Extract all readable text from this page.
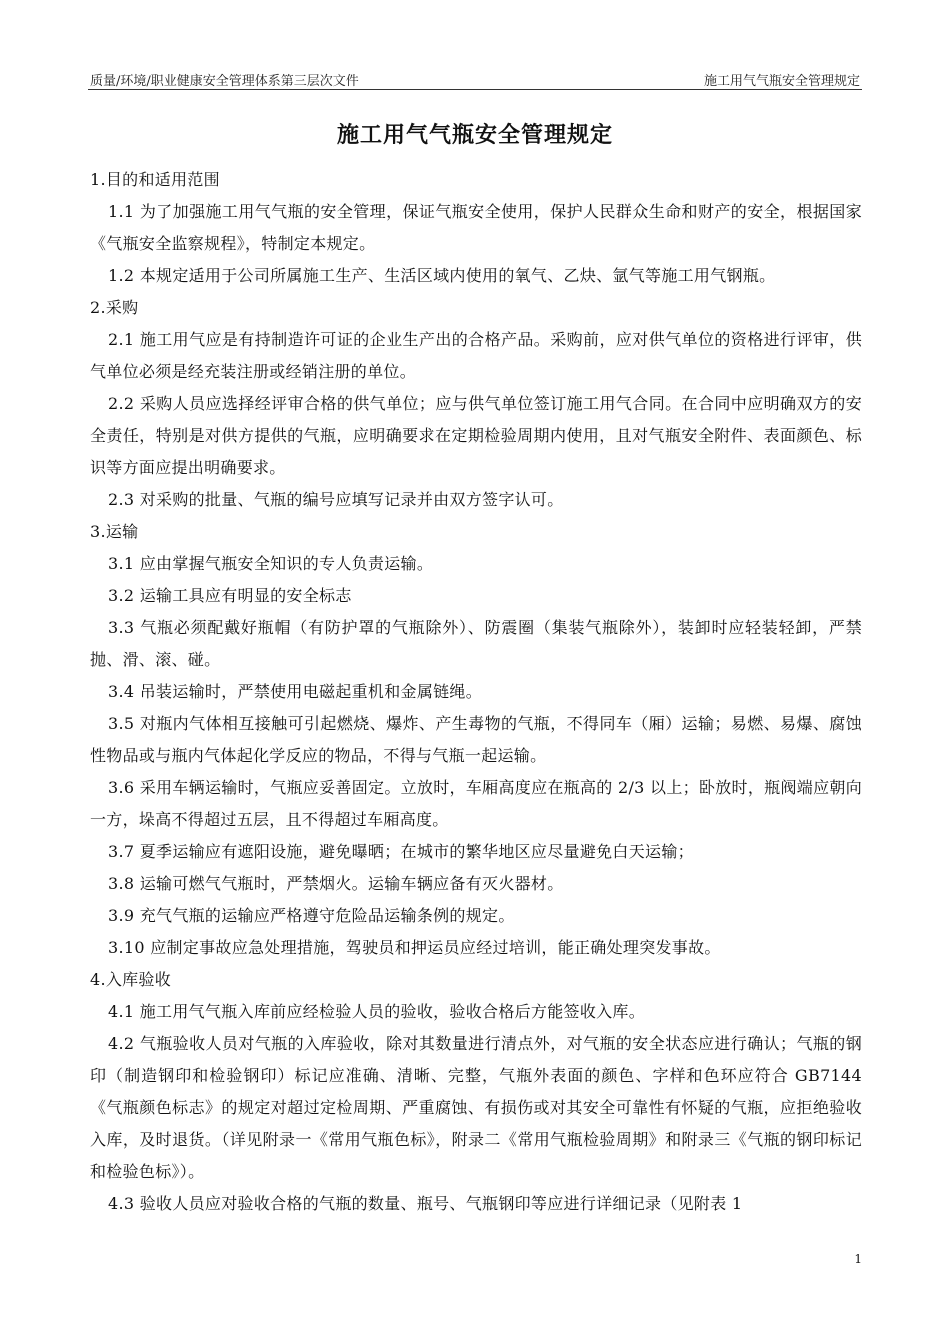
质量/环境/职业健康安全管理体系第三层次文件	施工用气气瓶安全管理规定
施工用气气瓶安全管理规定

1.目的和适用范围

1.1 为了加强施工用气气瓶的安全管理，保证气瓶安全使用，保护人民群众生命和财产的安全，根据国家《气瓶安全监察规程》，特制定本规定。

1.2 本规定适用于公司所属施工生产、生活区域内使用的氧气、乙炔、氩气等施工用气钢瓶。

2.采购

2.1 施工用气应是有持制造许可证的企业生产出的合格产品。采购前，应对供气单位的资格进行评审，供气单位必须是经充装注册或经销注册的单位。

2.2 采购人员应选择经评审合格的供气单位；应与供气单位签订施工用气合同。在合同中应明确双方的安全责任，特别是对供方提供的气瓶，应明确要求在定期检验周期内使用，且对气瓶安全附件、表面颜色、标识等方面应提出明确要求。

2.3 对采购的批量、气瓶的编号应填写记录并由双方签字认可。

3.运输

3.1 应由掌握气瓶安全知识的专人负责运输。

3.2 运输工具应有明显的安全标志

3.3 气瓶必须配戴好瓶帽（有防护罩的气瓶除外）、防震圈（集装气瓶除外），装卸时应轻装轻卸，严禁抛、滑、滚、碰。

3.4 吊装运输时，严禁使用电磁起重机和金属链绳。

3.5 对瓶内气体相互接触可引起燃烧、爆炸、产生毒物的气瓶，不得同车（厢）运输；易燃、易爆、腐蚀性物品或与瓶内气体起化学反应的物品，不得与气瓶一起运输。

3.6 采用车辆运输时，气瓶应妥善固定。立放时，车厢高度应在瓶高的 2/3 以上；卧放时，瓶阀端应朝向一方，垛高不得超过五层，且不得超过车厢高度。

3.7 夏季运输应有遮阳设施，避免曝晒；在城市的繁华地区应尽量避免白天运输；

3.8 运输可燃气气瓶时，严禁烟火。运输车辆应备有灭火器材。

3.9 充气气瓶的运输应严格遵守危险品运输条例的规定。

3.10 应制定事故应急处理措施，驾驶员和押运员应经过培训，能正确处理突发事故。

4.入库验收

4.1 施工用气气瓶入库前应经检验人员的验收，验收合格后方能签收入库。

4.2 气瓶验收人员对气瓶的入库验收，除对其数量进行清点外，对气瓶的安全状态应进行确认；气瓶的钢印（制造钢印和检验钢印）标记应准确、清晰、完整，气瓶外表面的颜色、字样和色环应符合 GB7144《气瓶颜色标志》的规定对超过定检周期、严重腐蚀、有损伤或对其安全可靠性有怀疑的气瓶，应拒绝验收入库，及时退货。（详见附录一《常用气瓶色标》，附录二《常用气瓶检验周期》和附录三《气瓶的钢印标记和检验色标》）。

4.3 验收人员应对验收合格的气瓶的数量、瓶号、气瓶钢印等应进行详细记录（见附表 1

1
